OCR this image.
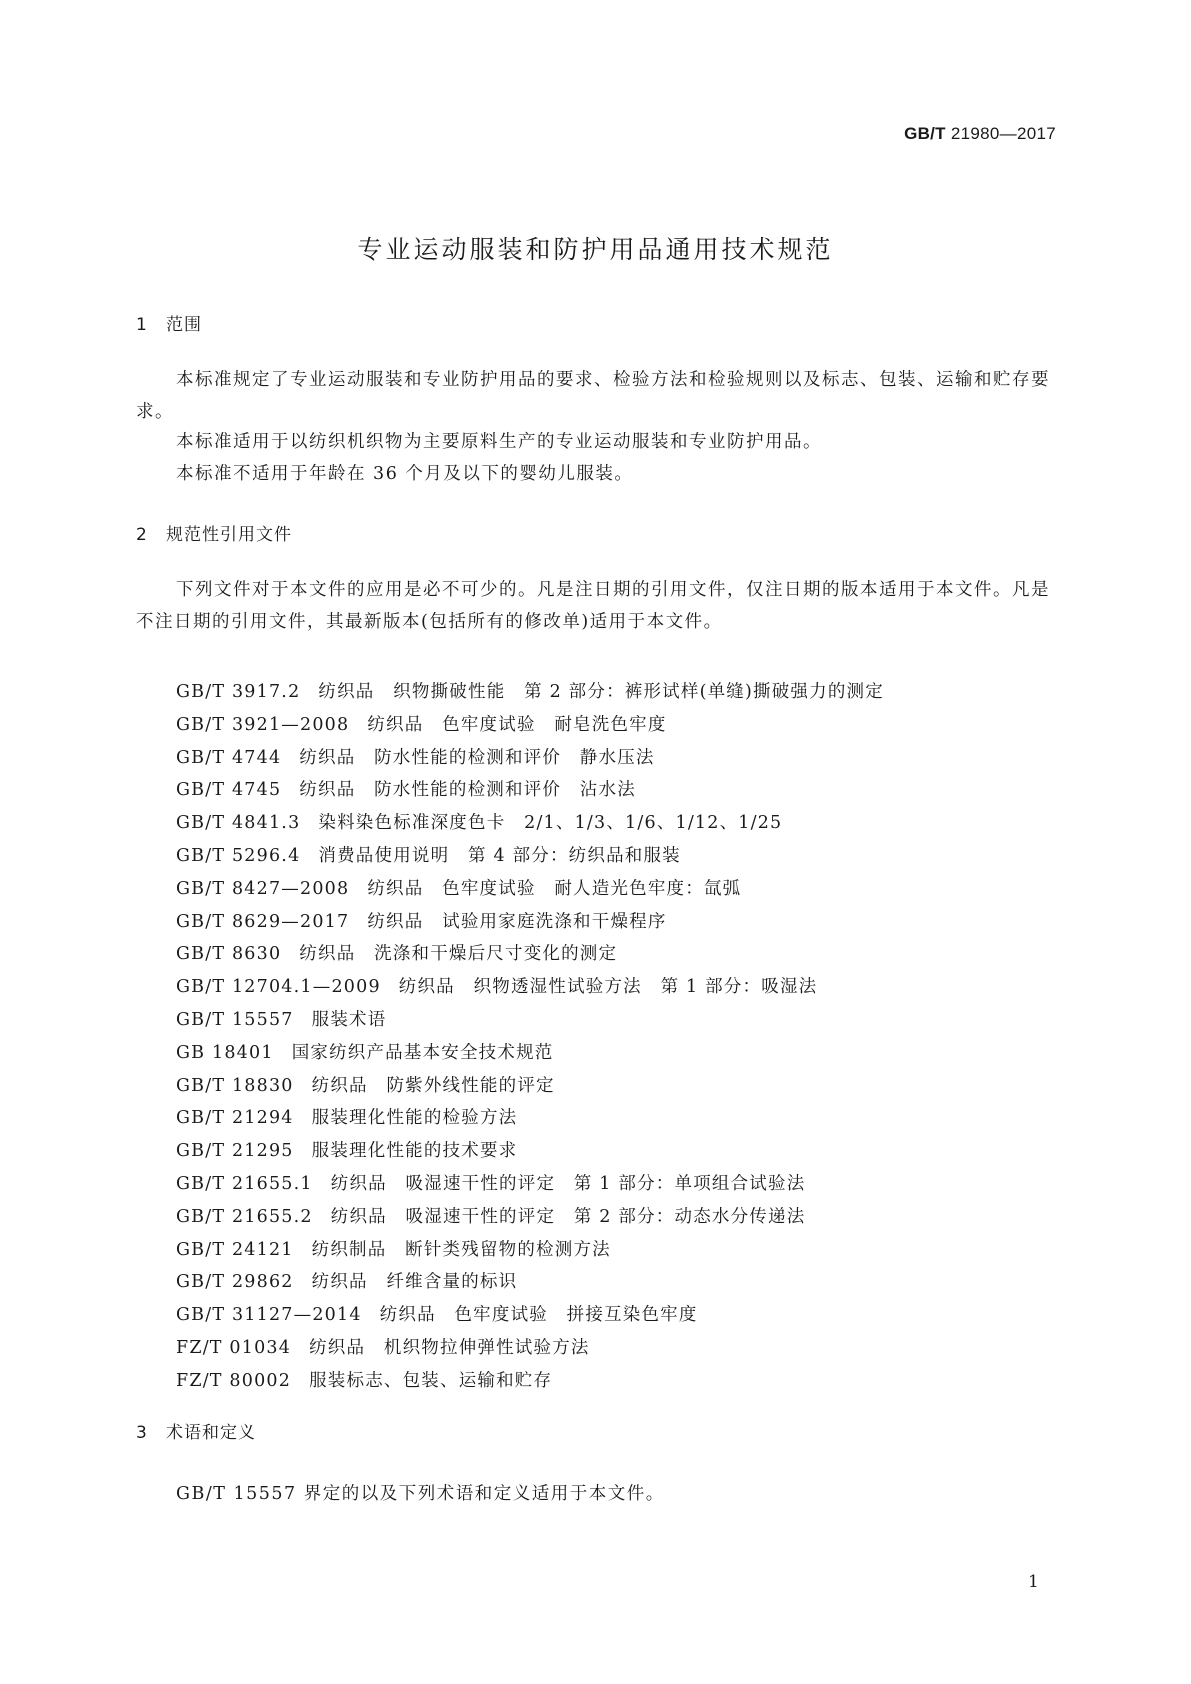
GB/T 21980—2017
专业运动服装和防护用品通用技术规范
1 范围

本标准规定了专业运动服装和专业防护用品的要求、检验方法和检验规则以及标志、包装、运输和贮存要求。

本标准适用于以纺织机织物为主要原料生产的专业运动服装和专业防护用品。
本标准不适用于年龄在 36 个月及以下的婴幼儿服装。
2 规范性引用文件

下列文件对于本文件的应用是必不可少的。凡是注日期的引用文件，仅注日期的版本适用于本文件。凡是不注日期的引用文件，其最新版本(包括所有的修改单)适用于本文件。

GB/T 3917.2 纺织品　织物撕破性能　第 2 部分：裤形试样(单缝)撕破强力的测定
GB/T 3921—2008 纺织品　色牢度试验　耐皂洗色牢度
GB/T 4744 纺织品　防水性能的检测和评价　静水压法
GB/T 4745 纺织品　防水性能的检测和评价　沾水法
GB/T 4841.3 染料染色标准深度色卡　2/1、1/3、1/6、1/12、1/25
GB/T 5296.4 消费品使用说明　第 4 部分：纺织品和服装
GB/T 8427—2008 纺织品　色牢度试验　耐人造光色牢度：氙弧
GB/T 8629—2017 纺织品　试验用家庭洗涤和干燥程序
GB/T 8630 纺织品　洗涤和干燥后尺寸变化的测定
GB/T 12704.1—2009 纺织品　织物透湿性试验方法　第 1 部分：吸湿法
GB/T 15557 服装术语
GB 18401 国家纺织产品基本安全技术规范
GB/T 18830 纺织品　防紫外线性能的评定
GB/T 21294 服装理化性能的检验方法
GB/T 21295 服装理化性能的技术要求
GB/T 21655.1 纺织品　吸湿速干性的评定　第 1 部分：单项组合试验法
GB/T 21655.2 纺织品　吸湿速干性的评定　第 2 部分：动态水分传递法
GB/T 24121 纺织制品　断针类残留物的检测方法
GB/T 29862 纺织品　纤维含量的标识
GB/T 31127—2014 纺织品　色牢度试验　拼接互染色牢度
FZ/T 01034 纺织品　机织物拉伸弹性试验方法
FZ/T 80002 服装标志、包装、运输和贮存
3 术语和定义
GB/T 15557 界定的以及下列术语和定义适用于本文件。
1
